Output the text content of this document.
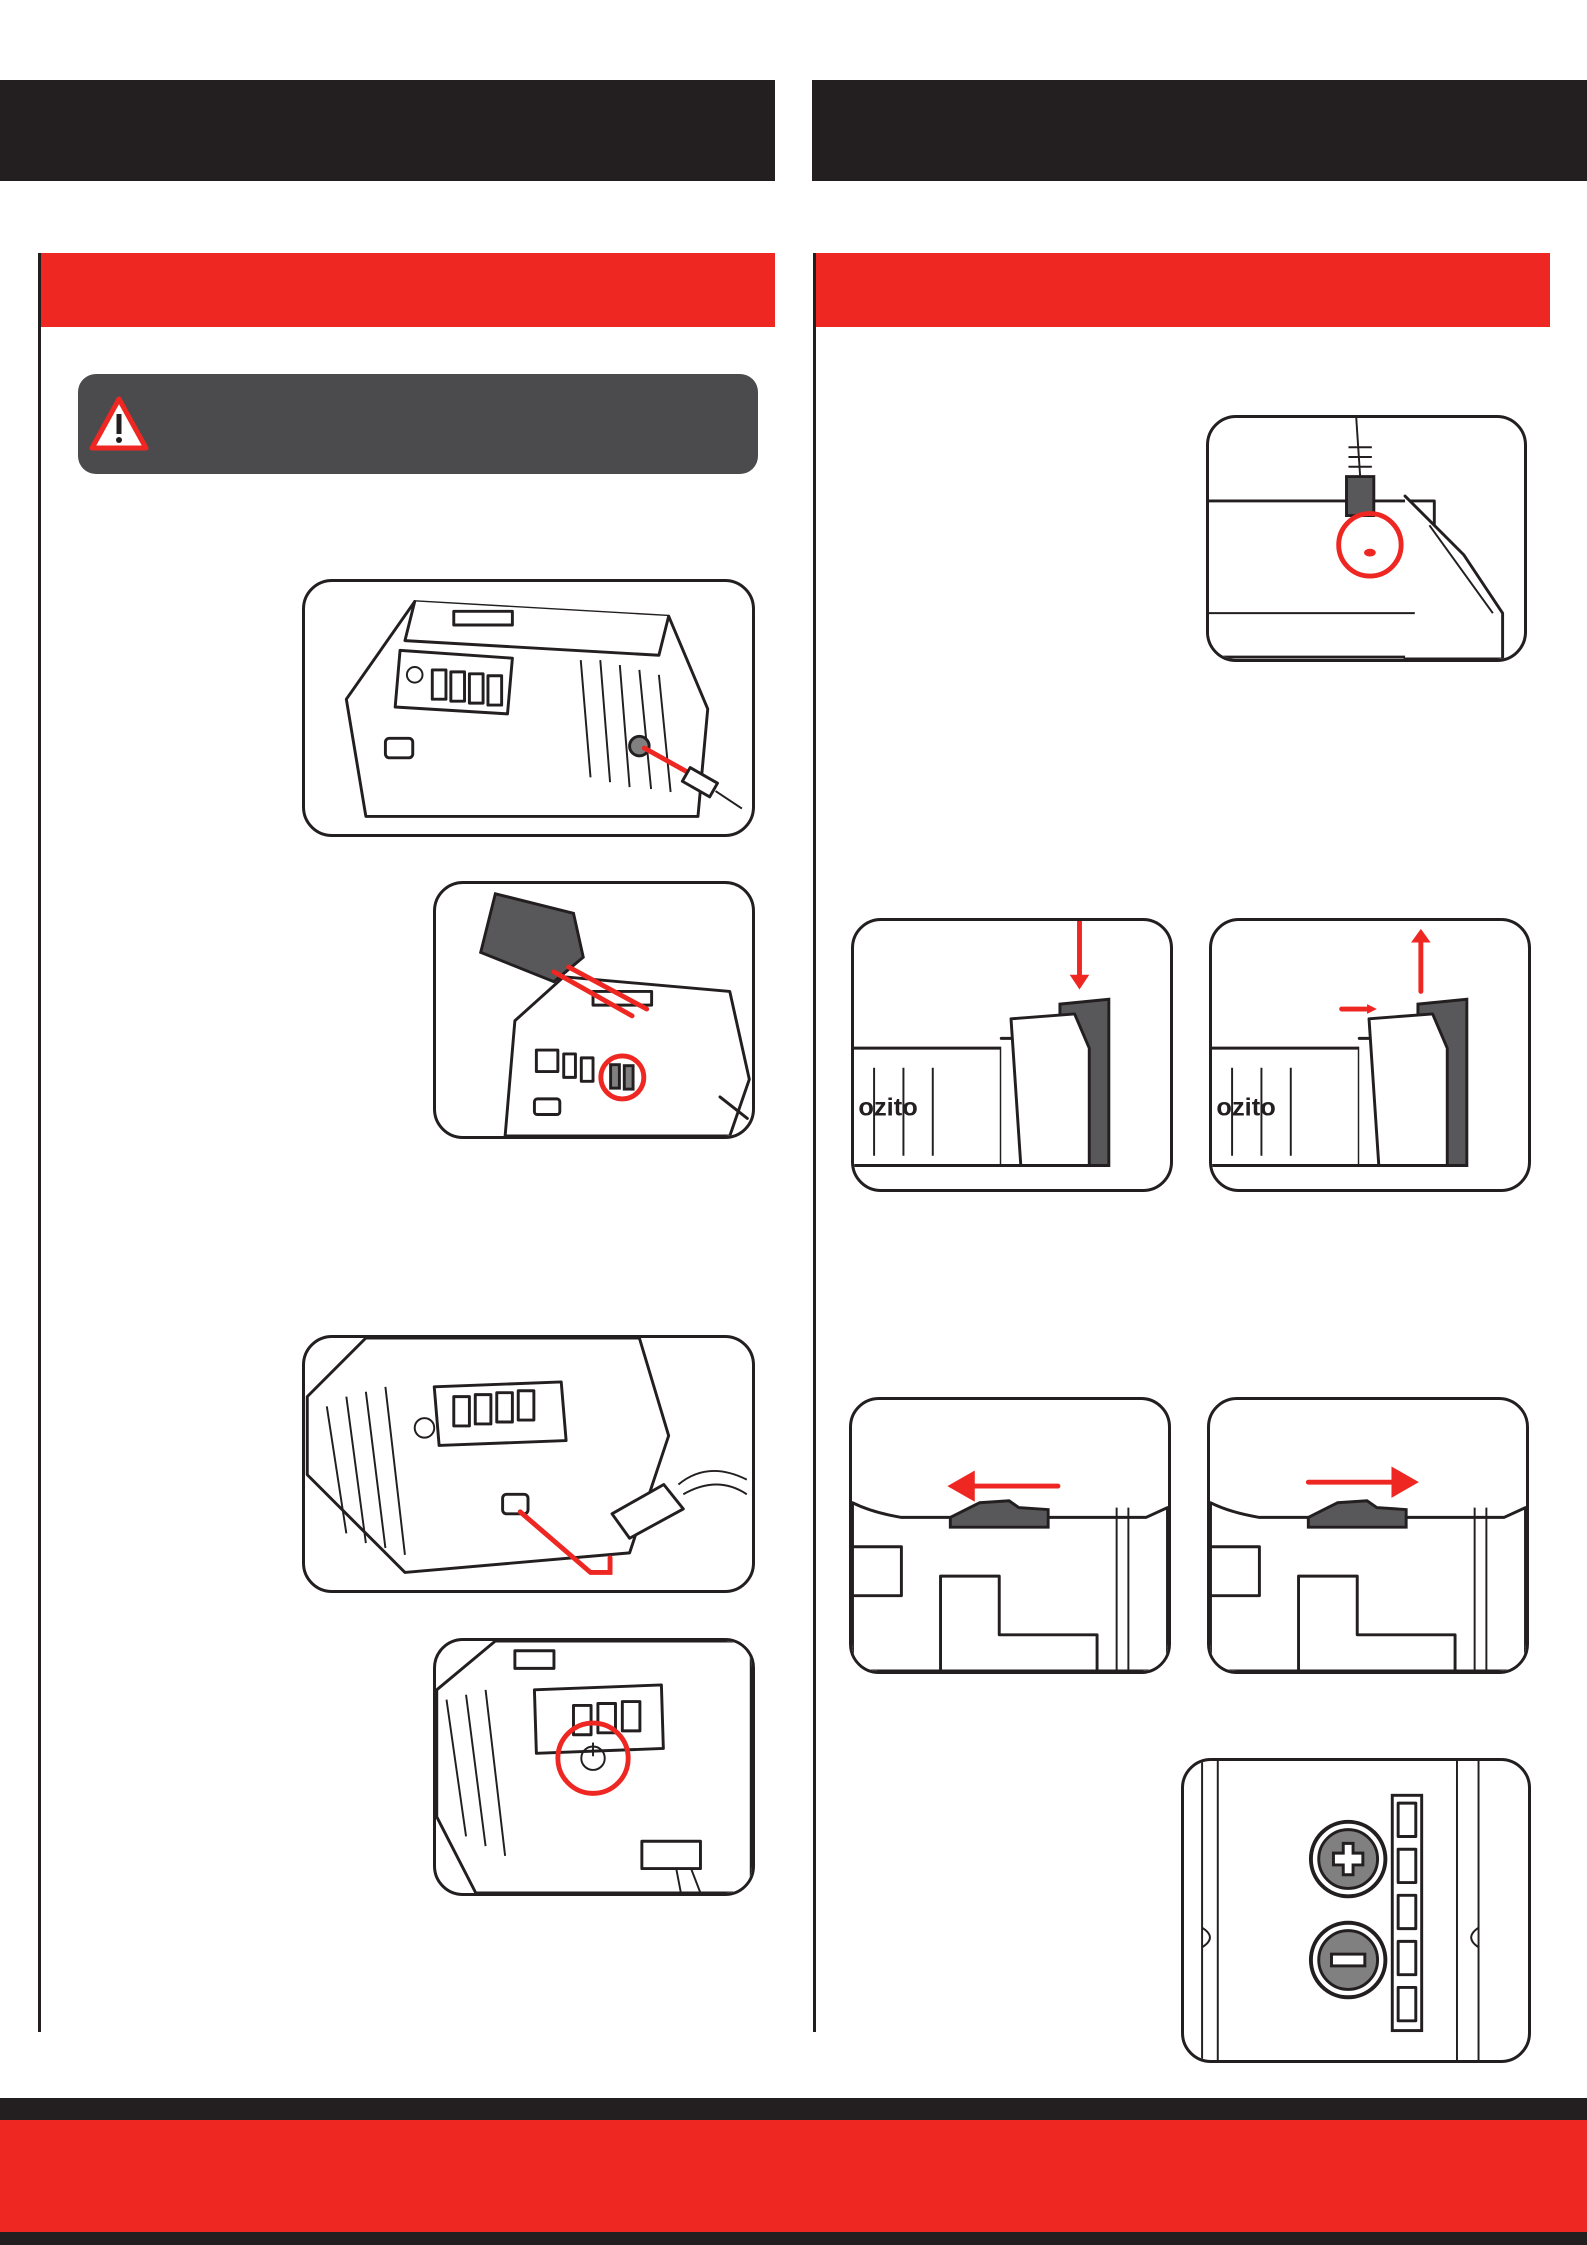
ozito	ozito
